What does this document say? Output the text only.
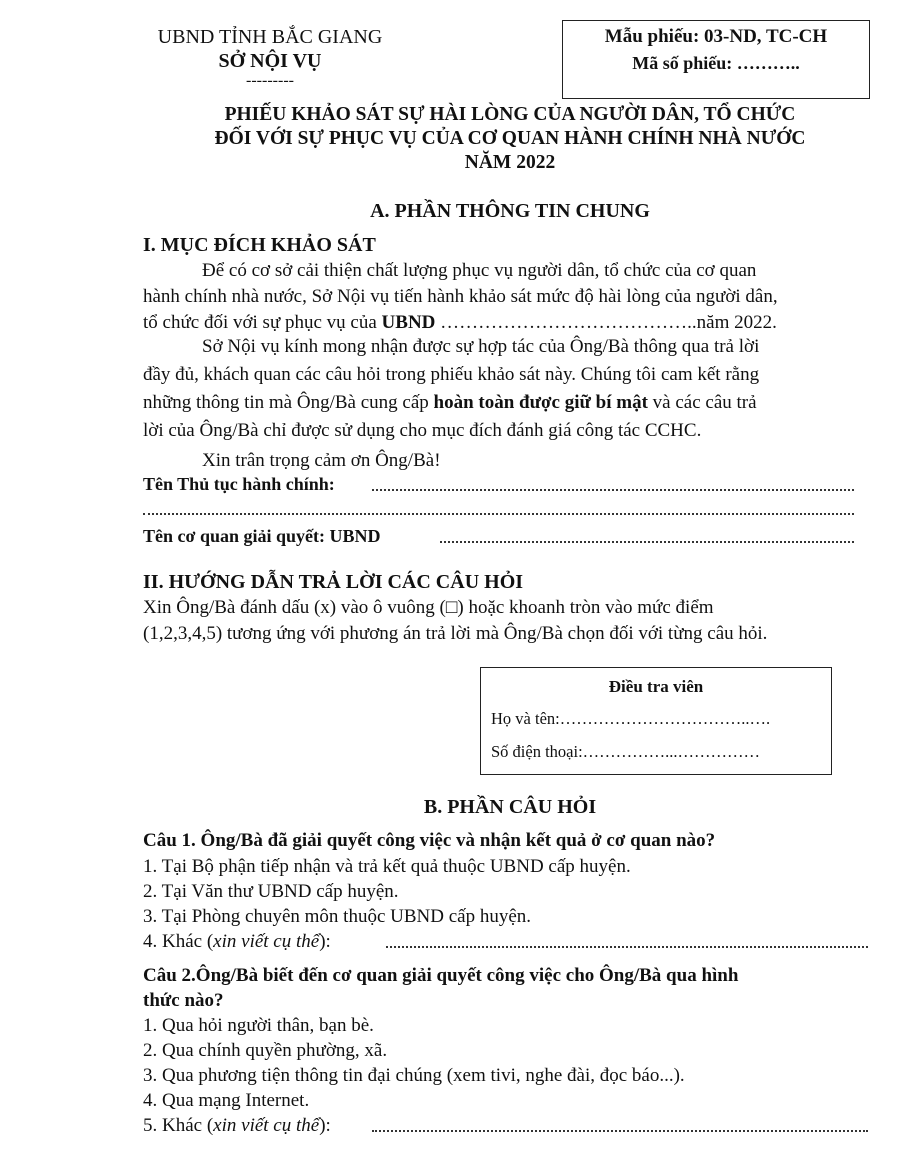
UBND TỈNH BẮC GIANG
SỞ NỘI VỤ
---------
Mẫu phiếu: 03-ND, TC-CH
Mã số phiếu: ………..
PHIẾU KHẢO SÁT SỰ HÀI LÒNG CỦA NGƯỜI DÂN, TỔ CHỨC
ĐỐI VỚI SỰ PHỤC VỤ CỦA CƠ QUAN HÀNH CHÍNH NHÀ NƯỚC
NĂM 2022
A. PHẦN THÔNG TIN CHUNG
I. MỤC ĐÍCH KHẢO SÁT
Để có cơ sở cải thiện chất lượng phục vụ người dân, tổ chức của cơ quan
hành chính nhà nước, Sở Nội vụ tiến hành khảo sát mức độ hài lòng của người dân,
tổ chức đối với sự phục vụ của UBND …………………………………..năm 2022.
Sở Nội vụ kính mong nhận được sự hợp tác của Ông/Bà thông qua trả lời
đầy đủ, khách quan các câu hỏi trong phiếu khảo sát này. Chúng tôi cam kết rằng
những thông tin mà Ông/Bà cung cấp hoàn toàn được giữ bí mật và các câu trả
lời của Ông/Bà chỉ được sử dụng cho mục đích đánh giá công tác CCHC.
Xin trân trọng cảm ơn Ông/Bà!
Tên Thủ tục hành chính:
Tên cơ quan giải quyết: UBND
II. HƯỚNG DẪN TRẢ LỜI CÁC CÂU HỎI
Xin Ông/Bà đánh dấu (x) vào ô vuông (□) hoặc khoanh tròn vào mức điểm
(1,2,3,4,5) tương ứng với phương án trả lời mà Ông/Bà chọn đối với từng câu hỏi.
Điều tra viên
Họ và tên:……………………………..….
Số điện thoại:……………...……………
B. PHẦN CÂU HỎI
Câu 1. Ông/Bà đã giải quyết công việc và nhận kết quả ở cơ quan nào?
1. Tại Bộ phận tiếp nhận và trả kết quả thuộc UBND cấp huyện.
2. Tại Văn thư UBND cấp huyện.
3. Tại Phòng chuyên môn thuộc UBND cấp huyện.
4. Khác (xin viết cụ thể):
Câu 2.Ông/Bà biết đến cơ quan giải quyết công việc cho Ông/Bà qua hình
thức nào?
1. Qua hỏi người thân, bạn bè.
2. Qua chính quyền phường, xã.
3. Qua phương tiện thông tin đại chúng (xem tivi, nghe đài, đọc báo...).
4. Qua mạng Internet.
5. Khác (xin viết cụ thể):
